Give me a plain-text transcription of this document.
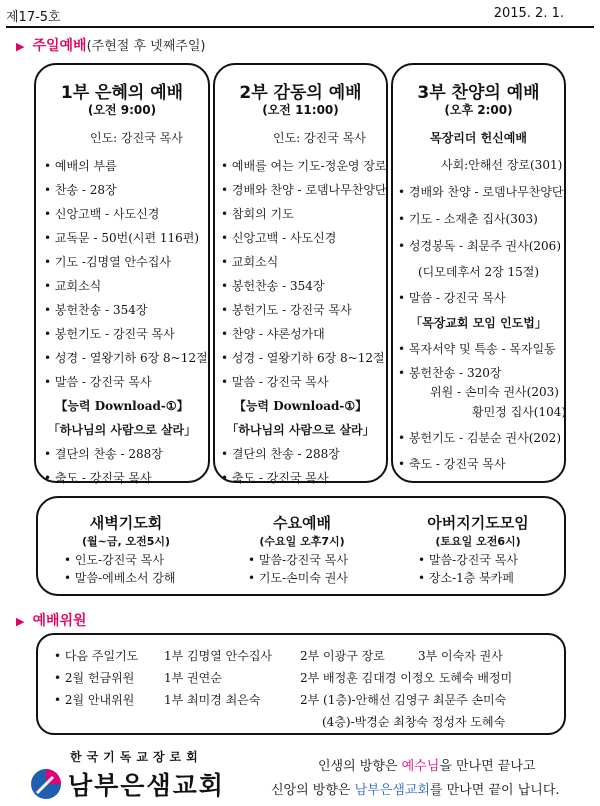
제17-5호	2015. 2. 1.
▶ 주일예배(주현절 후 넷째주일)
1부 은혜의 예배
(오전 9:00)
인도: 강진국 목사
• 예배의 부름
• 찬송 - 28장
• 신앙고백 - 사도신경
• 교독문 - 50번(시편 116편)
• 기도 -김명열 안수집사
• 교회소식
• 봉헌찬송 - 354장
• 봉헌기도 - 강진국 목사
• 성경 - 열왕기하 6장 8~12절
• 말씀 - 강진국 목사
【능력 Download-①】
「하나님의 사람으로 살라」
• 결단의 찬송 - 288장
• 축도 - 강진국 목사
2부 감동의 예배
(오전 11:00)
인도: 강진국 목사
• 예배를 여는 기도-정운영 장로
• 경배와 찬양 - 로뎀나무찬양단
• 참회의 기도
• 신앙고백 - 사도신경
• 교회소식
• 봉헌찬송 - 354장
• 봉헌기도 - 강진국 목사
• 찬양 - 샤론성가대
• 성경 - 열왕기하 6장 8~12절
• 말씀 - 강진국 목사
【능력 Download-①】
「하나님의 사람으로 살라」
• 결단의 찬송 - 288장
• 축도 - 강진국 목사
3부 찬양의 예배
(오후 2:00)
목장리더 헌신예배
사회:안해선 장로(301)
• 경배와 찬양 - 로뎀나무찬양단
• 기도 - 소재춘 집사(303)
• 성경봉독 - 최문주 권사(206)
(디모데후서 2장 15절)
• 말씀 - 강진국 목사
「목장교회 모임 인도법」
• 목자서약 및 특송 - 목자일동
• 봉헌찬송 - 320장
위원 - 손미숙 권사(203)
황민정 집사(104)
• 봉헌기도 - 김분순 권사(202)
• 축도 - 강진국 목사
새벽기도회
(월~금, 오전5시)
• 인도-강진국 목사
• 말씀-에베소서 강해
수요예배
(수요일 오후7시)
• 말씀-강진국 목사
• 기도-손미숙 권사
아버지기도모임
(토요일 오전6시)
• 말씀-강진국 목사
• 장소-1층 북카페
▶ 예배위원
• 다음 주일기도 1부 김명열 안수집사 2부 이광구 장로	3부 이숙자 권사
• 2월 헌금위원 1부 권연순	2부 배정훈 김대경 이정오 도혜숙 배정미
• 2월 안내위원 1부 최미경 최은숙	2부 (1층)-안해선 김영구 최문주 손미숙
(4층)-박경순 최창숙 정성자 도혜숙
한국기독교장로회
남부은샘교회
인생의 방향은 예수님을 만나면 끝나고
신앙의 방향은 남부은샘교회를 만나면 끝이 납니다.
